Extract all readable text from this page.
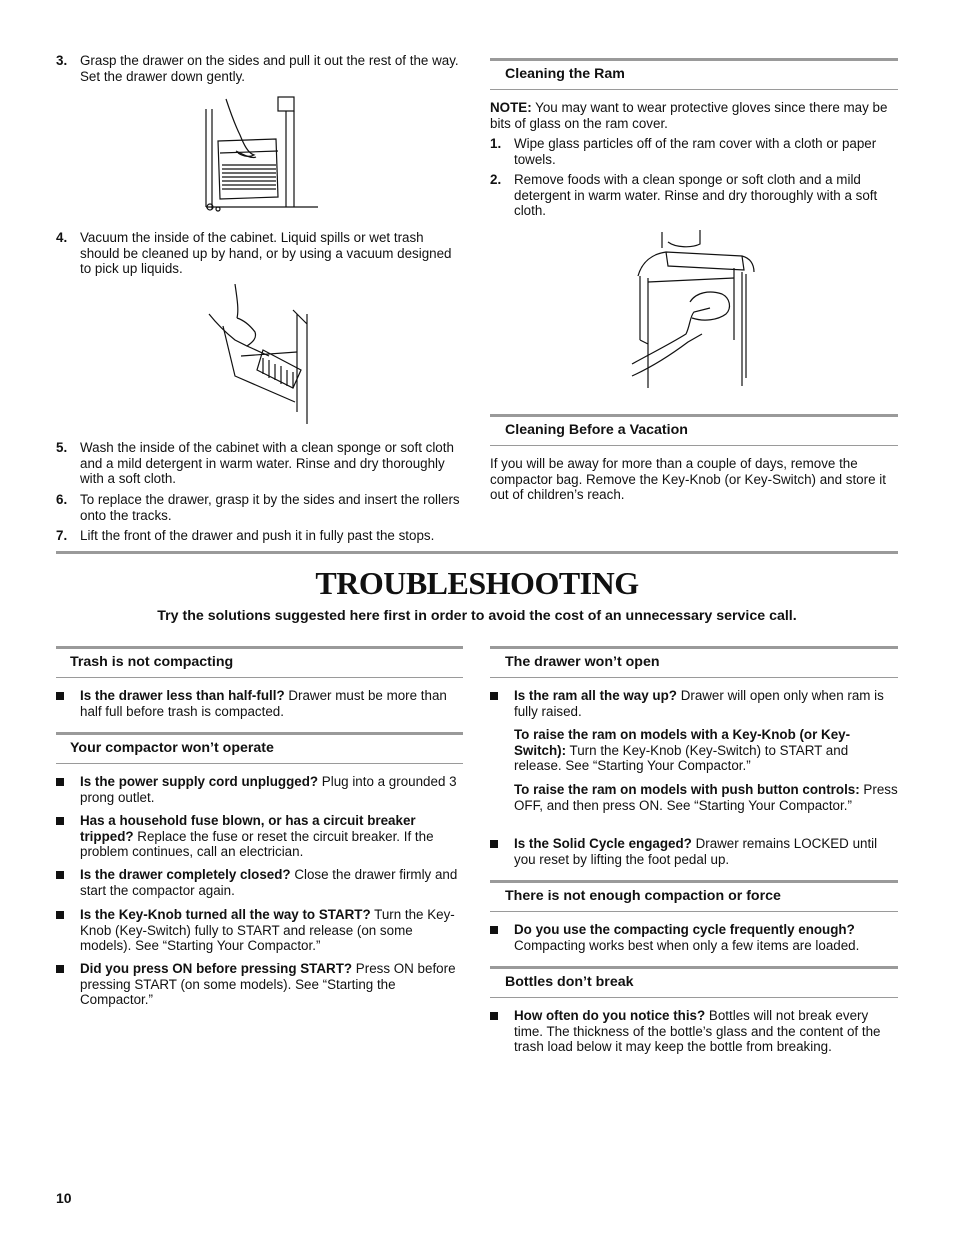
3. Grasp the drawer on the sides and pull it out the rest of the way. Set the drawer down gently.
4. Vacuum the inside of the cabinet. Liquid spills or wet trash should be cleaned up by hand, or by using a vacuum designed to pick up liquids.
5. Wash the inside of the cabinet with a clean sponge or soft cloth and a mild detergent in warm water. Rinse and dry thoroughly with a soft cloth.
6. To replace the drawer, grasp it by the sides and insert the rollers onto the tracks.
7. Lift the front of the drawer and push it in fully past the stops.
Cleaning the Ram
NOTE: You may want to wear protective gloves since there may be bits of glass on the ram cover.
1. Wipe glass particles off of the ram cover with a cloth or paper towels.
2. Remove foods with a clean sponge or soft cloth and a mild detergent in warm water. Rinse and dry thoroughly with a soft cloth.
Cleaning Before a Vacation
If you will be away for more than a couple of days, remove the compactor bag. Remove the Key-Knob (or Key-Switch) and store it out of children’s reach.
TROUBLESHOOTING
Try the solutions suggested here first in order to avoid the cost of an unnecessary service call.
Trash is not compacting
Is the drawer less than half-full? Drawer must be more than half full before trash is compacted.
Your compactor won’t operate
Is the power supply cord unplugged? Plug into a grounded 3 prong outlet.
Has a household fuse blown, or has a circuit breaker tripped? Replace the fuse or reset the circuit breaker. If the problem continues, call an electrician.
Is the drawer completely closed? Close the drawer firmly and start the compactor again.
Is the Key-Knob turned all the way to START? Turn the Key-Knob (Key-Switch) fully to START and release (on some models). See “Starting Your Compactor.”
Did you press ON before pressing START? Press ON before pressing START (on some models). See “Starting the Compactor.”
The drawer won’t open
Is the ram all the way up? Drawer will open only when ram is fully raised.
To raise the ram on models with a Key-Knob (or Key-Switch): Turn the Key-Knob (Key-Switch) to START and release. See “Starting Your Compactor.”
To raise the ram on models with push button controls: Press OFF, and then press ON. See “Starting Your Compactor.”
Is the Solid Cycle engaged? Drawer remains LOCKED until you reset by lifting the foot pedal up.
There is not enough compaction or force
Do you use the compacting cycle frequently enough? Compacting works best when only a few items are loaded.
Bottles don’t break
How often do you notice this? Bottles will not break every time. The thickness of the bottle’s glass and the content of the trash load below it may keep the bottle from breaking.
10
